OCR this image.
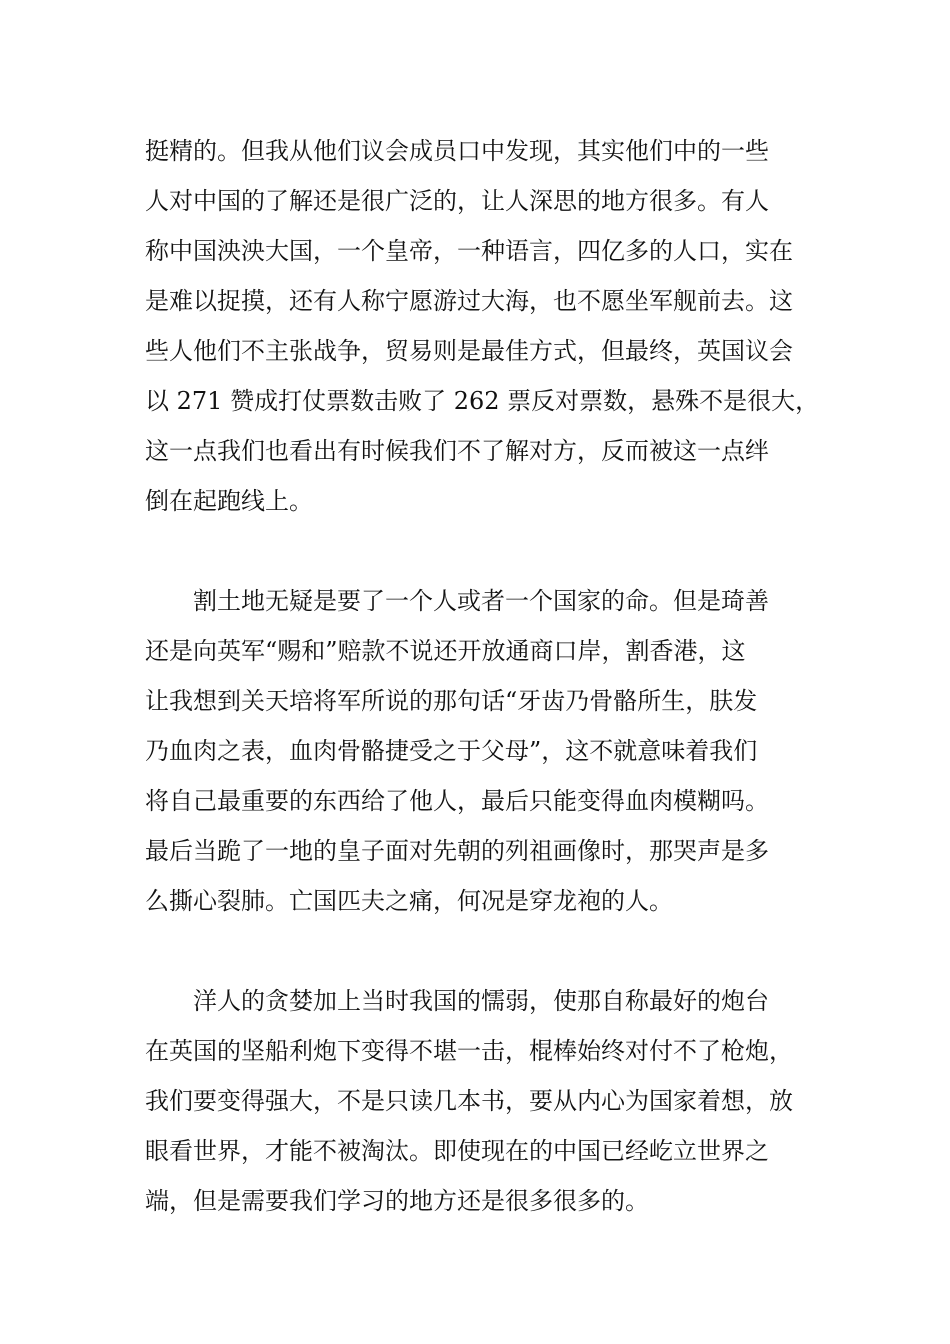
挺精的。但我从他们议会成员口中发现，其实他们中的一些
人对中国的了解还是很广泛的，让人深思的地方很多。有人
称中国泱泱大国，一个皇帝，一种语言，四亿多的人口，实在
是难以捉摸，还有人称宁愿游过大海，也不愿坐军舰前去。这
些人他们不主张战争，贸易则是最佳方式，但最终，英国议会
以 271 赞成打仗票数击败了 262 票反对票数，悬殊不是很大，
这一点我们也看出有时候我们不了解对方，反而被这一点绊
倒在起跑线上。

　　割土地无疑是要了一个人或者一个国家的命。但是琦善
还是向英军“赐和”赔款不说还开放通商口岸，割香港，这
让我想到关天培将军所说的那句话“牙齿乃骨骼所生，肤发
乃血肉之表，血肉骨骼捷受之于父母”，这不就意味着我们
将自己最重要的东西给了他人，最后只能变得血肉模糊吗。
最后当跪了一地的皇子面对先朝的列祖画像时，那哭声是多
么撕心裂肺。亡国匹夫之痛，何况是穿龙袍的人。

　　洋人的贪婪加上当时我国的懦弱，使那自称最好的炮台
在英国的坚船利炮下变得不堪一击，棍棒始终对付不了枪炮，
我们要变得强大，不是只读几本书，要从内心为国家着想，放
眼看世界，才能不被淘汰。即使现在的中国已经屹立世界之
端，但是需要我们学习的地方还是很多很多的。
